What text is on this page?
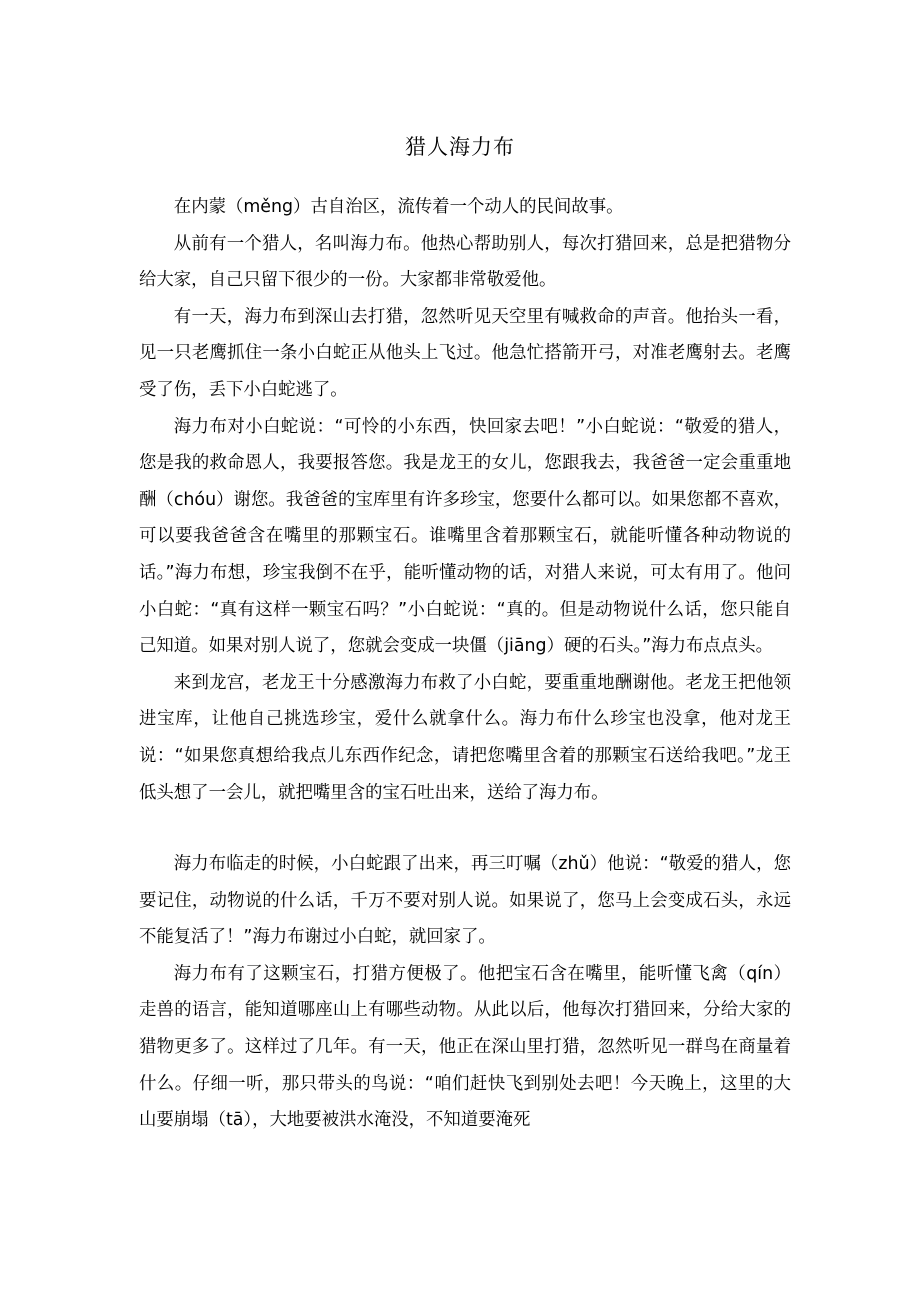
猎人海力布

在内蒙（měng）古自治区，流传着一个动人的民间故事。

从前有一个猎人，名叫海力布。他热心帮助别人，每次打猎回来，总是把猎物分给大家，自己只留下很少的一份。大家都非常敬爱他。

有一天，海力布到深山去打猎，忽然听见天空里有喊救命的声音。他抬头一看，见一只老鹰抓住一条小白蛇正从他头上飞过。他急忙搭箭开弓，对准老鹰射去。老鹰受了伤，丢下小白蛇逃了。

海力布对小白蛇说：“可怜的小东西，快回家去吧！”小白蛇说：“敬爱的猎人，您是我的救命恩人，我要报答您。我是龙王的女儿，您跟我去，我爸爸一定会重重地酬（chóu）谢您。我爸爸的宝库里有许多珍宝，您要什么都可以。如果您都不喜欢，可以要我爸爸含在嘴里的那颗宝石。谁嘴里含着那颗宝石，就能听懂各种动物说的话。”海力布想，珍宝我倒不在乎，能听懂动物的话，对猎人来说，可太有用了。他问小白蛇：“真有这样一颗宝石吗？”小白蛇说：“真的。但是动物说什么话，您只能自己知道。如果对别人说了，您就会变成一块僵（jiāng）硬的石头。”海力布点点头。

来到龙宫，老龙王十分感激海力布救了小白蛇，要重重地酬谢他。老龙王把他领进宝库，让他自己挑选珍宝，爱什么就拿什么。海力布什么珍宝也没拿，他对龙王说：“如果您真想给我点儿东西作纪念，请把您嘴里含着的那颗宝石送给我吧。”龙王低头想了一会儿，就把嘴里含的宝石吐出来，送给了海力布。

海力布临走的时候，小白蛇跟了出来，再三叮嘱（zhǔ）他说：“敬爱的猎人，您要记住，动物说的什么话，千万不要对别人说。如果说了，您马上会变成石头，永远不能复活了！”海力布谢过小白蛇，就回家了。

海力布有了这颗宝石，打猎方便极了。他把宝石含在嘴里，能听懂飞禽（qín）走兽的语言，能知道哪座山上有哪些动物。从此以后，他每次打猎回来，分给大家的猎物更多了。这样过了几年。有一天，他正在深山里打猎，忽然听见一群鸟在商量着什么。仔细一听，那只带头的鸟说：“咱们赶快飞到别处去吧！今天晚上，这里的大山要崩塌（tā），大地要被洪水淹没，不知道要淹死
